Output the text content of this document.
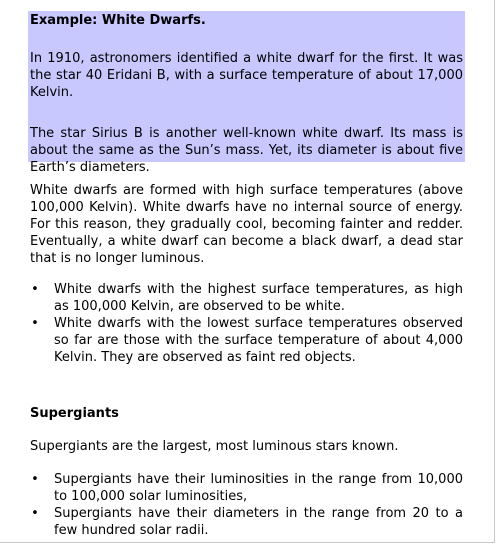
Example: White Dwarfs.

In 1910, astronomers identified a white dwarf for the first. It was the star 40 Eridani B, with a surface temperature of about 17,000 Kelvin.

The star Sirius B is another well-known white dwarf. Its mass is about the same as the Sun’s mass. Yet, its diameter is about five Earth’s diameters.

White dwarfs are formed with high surface temperatures (above 100,000 Kelvin). White dwarfs have no internal source of energy. For this reason, they gradually cool, becoming fainter and redder. Eventually, a white dwarf can become a black dwarf, a dead star that is no longer luminous.

• White dwarfs with the highest surface temperatures, as high as 100,000 Kelvin, are observed to be white.
• White dwarfs with the lowest surface temperatures observed so far are those with the surface temperature of about 4,000 Kelvin. They are observed as faint red objects.

Supergiants

Supergiants are the largest, most luminous stars known.

• Supergiants have their luminosities in the range from 10,000 to 100,000 solar luminosities,
• Supergiants have their diameters in the range from 20 to a few hundred solar radii.
